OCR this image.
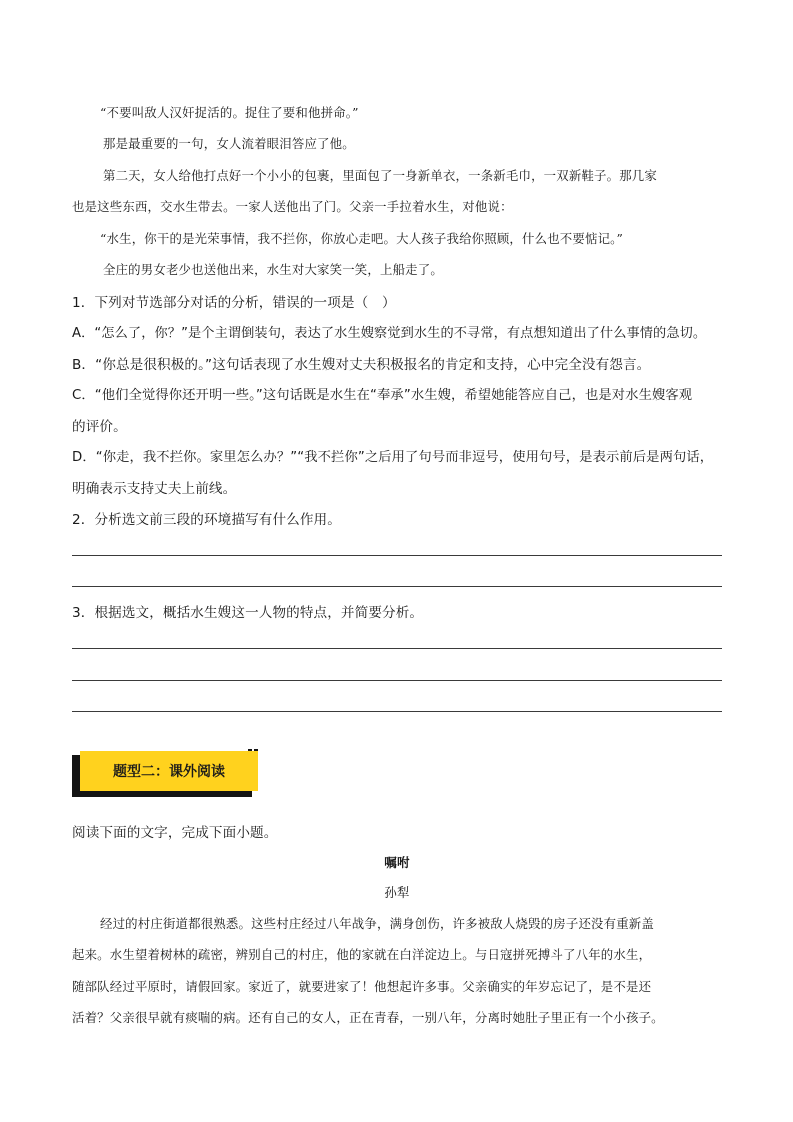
“不要叫敌人汉奸捉活的。捉住了要和他拼命。”
那是最重要的一句，女人流着眼泪答应了他。
第二天，女人给他打点好一个小小的包裹，里面包了一身新单衣，一条新毛巾，一双新鞋子。那几家
也是这些东西，交水生带去。一家人送他出了门。父亲一手拉着水生，对他说：
“水生，你干的是光荣事情，我不拦你，你放心走吧。大人孩子我给你照顾，什么也不要惦记。”
全庄的男女老少也送他出来，水生对大家笑一笑，上船走了。
1．下列对节选部分对话的分析，错误的一项是（　）
A．“怎么了，你？”是个主谓倒装句，表达了水生嫂察觉到水生的不寻常，有点想知道出了什么事情的急切。
B．“你总是很积极的。”这句话表现了水生嫂对丈夫积极报名的肯定和支持，心中完全没有怨言。
C．“他们全觉得你还开明一些。”这句话既是水生在“奉承”水生嫂，希望她能答应自己，也是对水生嫂客观
的评价。
D．“你走，我不拦你。家里怎么办？”“我不拦你”之后用了句号而非逗号，使用句号，是表示前后是两句话，
明确表示支持丈夫上前线。
2．分析选文前三段的环境描写有什么作用。
3．根据选文，概括水生嫂这一人物的特点，并简要分析。
题型二：课外阅读
阅读下面的文字，完成下面小题。
嘱咐
孙犁
经过的村庄街道都很熟悉。这些村庄经过八年战争，满身创伤，许多被敌人烧毁的房子还没有重新盖
起来。水生望着树林的疏密，辨别自己的村庄，他的家就在白洋淀边上。与日寇拼死搏斗了八年的水生，
随部队经过平原时，请假回家。家近了，就要进家了！他想起许多事。父亲确实的年岁忘记了，是不是还
活着？父亲很早就有痰喘的病。还有自己的女人，正在青春，一别八年，分离时她肚子里正有一个小孩子。
